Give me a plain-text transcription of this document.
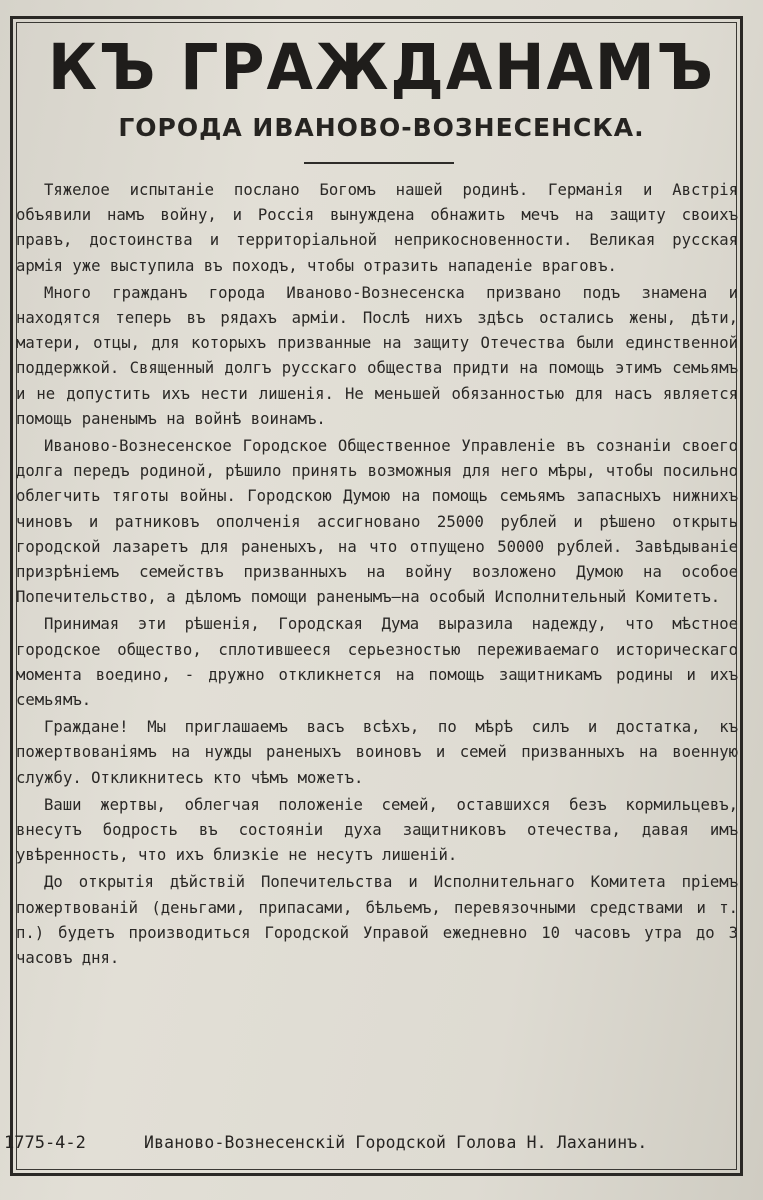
КЪ ГРАЖДАНАМЪ
ГОРОДА ИВАНОВО-ВОЗНЕСЕНСКА.

Тяжелое испытаніе послано Богомъ нашей родинѣ. Германія и Австрія объявили намъ войну, и Россія вынуждена обнажить мечъ на защиту своихъ правъ, достоинства и территоріальной неприкосновенности. Великая русская армія уже выступила въ походъ, чтобы отразить нападеніе враговъ.

Много гражданъ города Иваново-Вознесенска призвано подъ знамена и находятся теперь въ рядахъ арміи. Послѣ нихъ здѣсь остались жены, дѣти, матери, отцы, для которыхъ призванные на защиту Отечества были единственной поддержкой. Священный долгъ русскаго общества придти на помощь этимъ семьямъ и не допустить ихъ нести лишенія. Не меньшей обязанностью для насъ является помощь раненымъ на войнѣ воинамъ.

Иваново-Вознесенское Городское Общественное Управленіе въ сознаніи своего долга передъ родиной, рѣшило принять возможныя для него мѣры, чтобы посильно облегчить тяготы войны. Городскою Думою на помощь семьямъ запасныхъ нижнихъ чиновъ и ратниковъ ополченія ассигновано 25000 рублей и рѣшено открыть городской лазаретъ для раненыхъ, на что отпущено 50000 рублей. Завѣдываніе призрѣніемъ семействъ призванныхъ на войну возложено Думою на особое Попечительство, а дѣломъ помощи раненымъ—на особый Исполнительный Комитетъ.

Принимая эти рѣшенія, Городская Дума выразила надежду, что мѣстное городское общество, сплотившееся серьезностью переживаемаго историческаго момента воедино, - дружно откликнется на помощь защитникамъ родины и ихъ семьямъ.

Граждане! Мы приглашаемъ васъ всѣхъ, по мѣрѣ силъ и достатка, къ пожертвованіямъ на нужды раненыхъ воиновъ и семей призванныхъ на военную службу. Откликнитесь кто чѣмъ можетъ.

Ваши жертвы, облегчая положеніе семей, оставшихся безъ кормильцевъ, внесутъ бодрость въ состояніи духа защитниковъ отечества, давая имъ увѣренность, что ихъ близкіе не несутъ лишеній.

До открытія дѣйствій Попечительства и Исполнительнаго Комитета пріемъ пожертвованій (деньгами, припасами, бѣльемъ, перевязочными средствами и т. п.) будетъ производиться Городской Управой ежедневно 10 часовъ утра до 3 часовъ дня.

1775-4-2	Иваново-Вознесенскій Городской Голова Н. Лаханинъ.
